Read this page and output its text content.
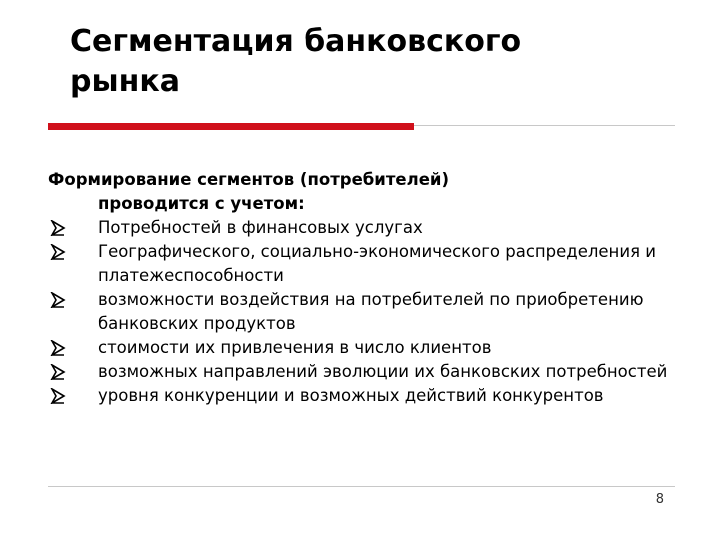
Сегментация банковского
рынка
Формирование сегментов (потребителей)
проводится с учетом:
Потребностей в финансовых услугах
Географического, социально-экономического распределения и платежеспособности
возможности воздействия на потребителей по приобретению банковских продуктов
стоимости их привлечения в число клиентов
возможных направлений эволюции их банковских потребностей
уровня конкуренции и возможных действий конкурентов
8
